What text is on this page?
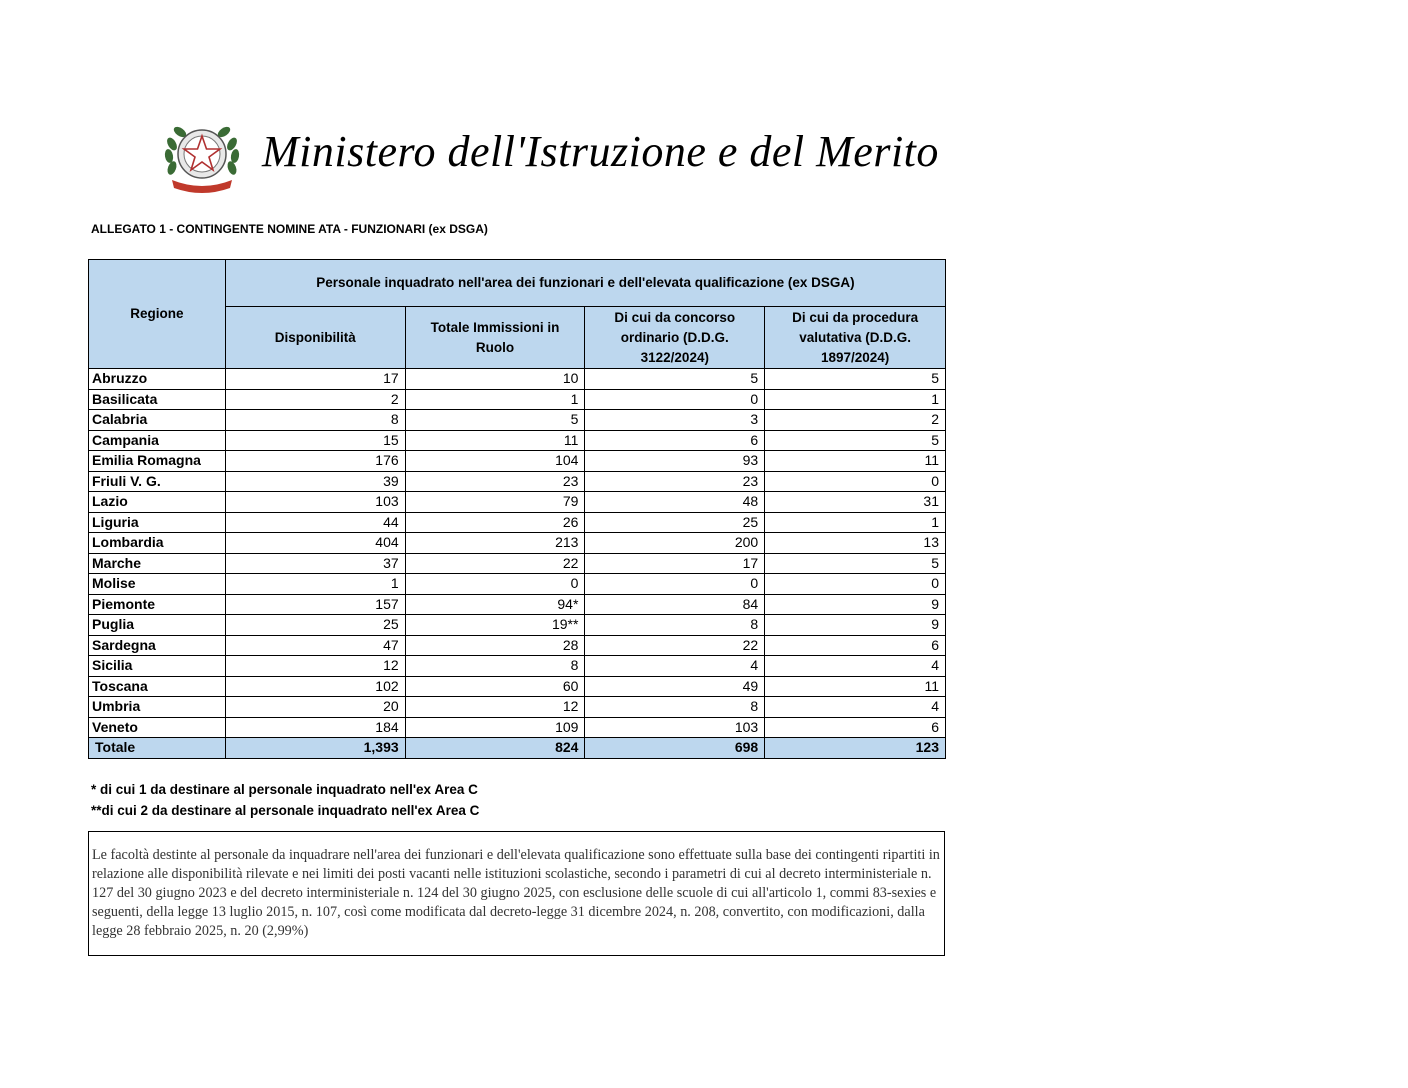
Ministero dell'Istruzione e del Merito
ALLEGATO 1 - CONTINGENTE NOMINE ATA - FUNZIONARI (ex DSGA)
Regione	Personale inquadrato nell'area dei funzionari e dell'elevata qualificazione (ex DSGA)			
	Disponibilità	Totale Immissioni in Ruolo	Di cui da concorso ordinario (D.D.G. 3122/2024)	Di cui da procedura valutativa (D.D.G. 1897/2024)
Abruzzo	17	10	5	5
Basilicata	2	1	0	1
Calabria	8	5	3	2
Campania	15	11	6	5
Emilia Romagna	176	104	93	11
Friuli V. G.	39	23	23	0
Lazio	103	79	48	31
Liguria	44	26	25	1
Lombardia	404	213	200	13
Marche	37	22	17	5
Molise	1	0	0	0
Piemonte	157	94*	84	9
Puglia	25	19**	8	9
Sardegna	47	28	22	6
Sicilia	12	8	4	4
Toscana	102	60	49	11
Umbria	20	12	8	4
Veneto	184	109	103	6
Totale	1,393	824	698	123
* di cui 1 da destinare al personale inquadrato nell'ex Area C
**di cui 2 da destinare al personale inquadrato nell'ex Area C
Le facoltà destinte al personale da inquadrare nell'area dei funzionari e dell'elevata qualificazione sono effettuate sulla base dei contingenti ripartiti in relazione alle disponibilità rilevate e nei limiti dei posti vacanti nelle istituzioni scolastiche, secondo i parametri di cui al decreto interministeriale n. 127 del 30 giugno 2023 e del decreto interministeriale n. 124 del 30 giugno 2025, con esclusione delle scuole di cui all'articolo 1, commi 83-sexies e seguenti, della legge 13 luglio 2015, n. 107, così come modificata dal decreto-legge 31 dicembre 2024, n. 208, convertito, con modificazioni, dalla legge 28 febbraio 2025, n. 20 (2,99%)
